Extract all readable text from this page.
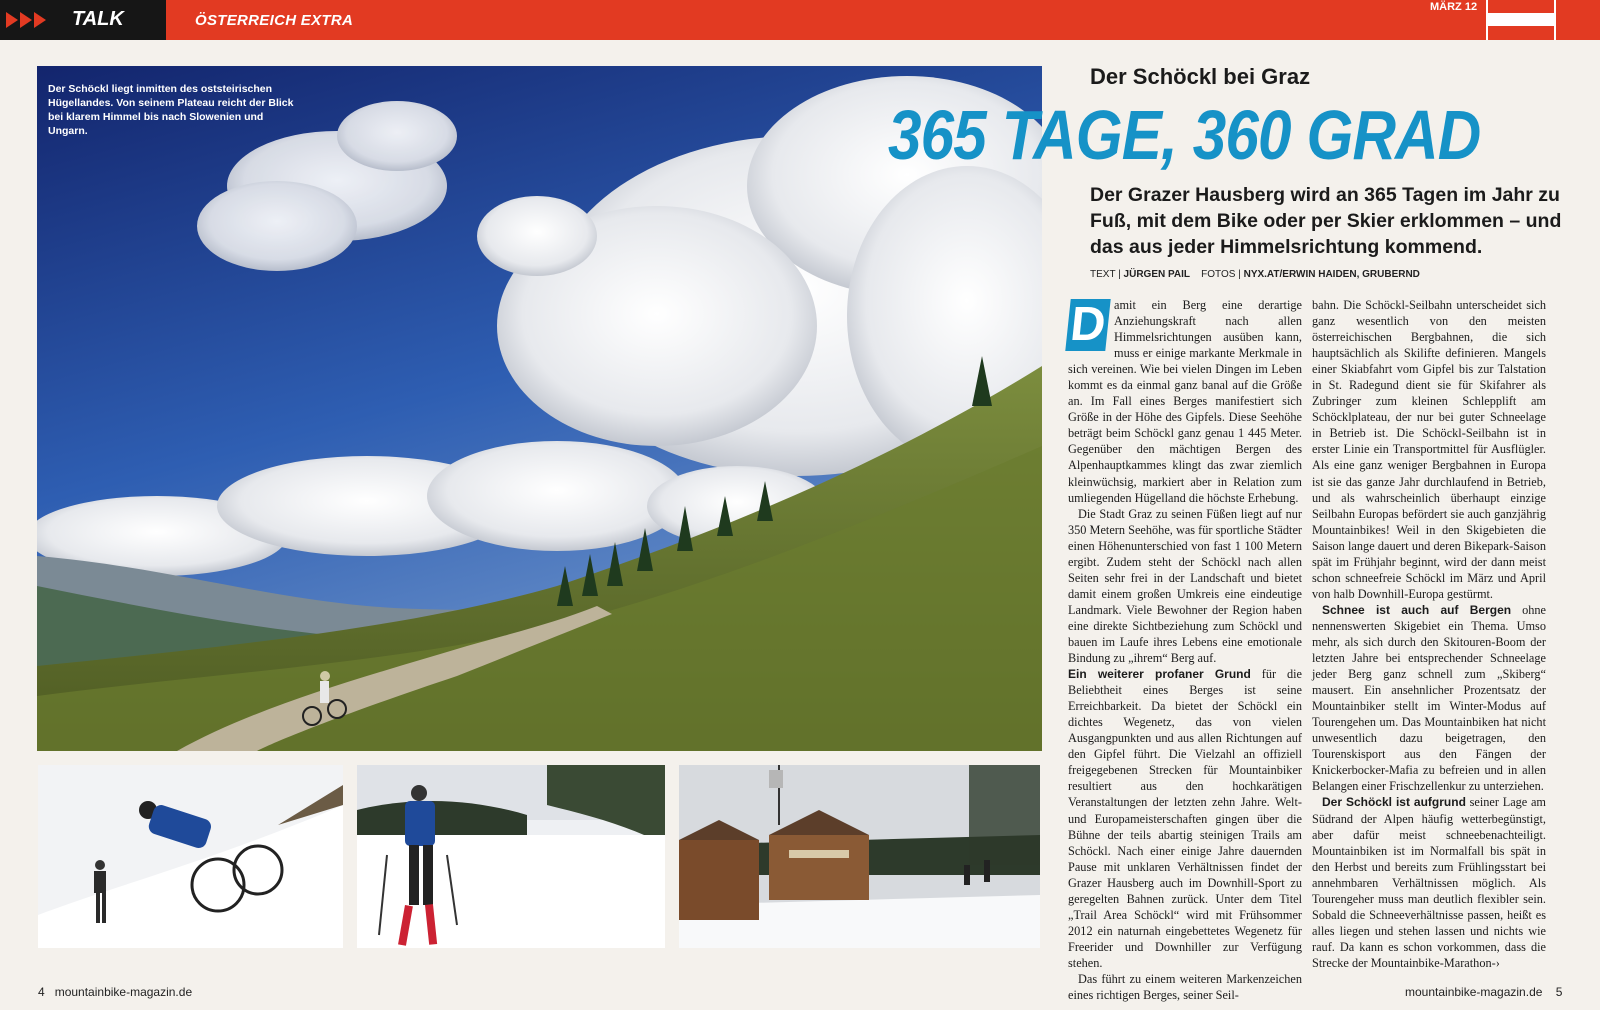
TALK	ÖSTERREICH EXTRA
MÄRZ 12
Der Schöckl liegt inmitten des oststeirischen Hügellandes. Von seinem Plateau reicht der Blick bei klarem Himmel bis nach Slowenien und Ungarn.
Der Schöckl bei Graz
365 TAGE, 360 GRAD
Der Grazer Hausberg wird an 365 Tagen im Jahr zu Fuß, mit dem Bike oder per Skier erklommen – und das aus jeder Himmelsrichtung kommend.
TEXT | JÜRGEN PAIL FOTOS | NYX.AT/ERWIN HAIDEN, GRUBERND

D amit ein Berg eine derartige Anziehungskraft nach allen Himmelsrichtungen ausüben kann, muss er einige markante Merkmale in sich vereinen. Wie bei vielen Dingen im Leben kommt es da einmal ganz banal auf die Größe an. Im Fall eines Berges manifestiert sich Größe in der Höhe des Gipfels. Diese Seehöhe beträgt beim Schöckl ganz genau 1 445 Meter. Gegenüber den mächtigen Bergen des Alpenhauptkammes klingt das zwar ziemlich kleinwüchsig, markiert aber in Relation zum umliegenden Hügelland die höchste Erhebung.

Die Stadt Graz zu seinen Füßen liegt auf nur 350 Metern Seehöhe, was für sportliche Städter einen Höhenunterschied von fast 1 100 Metern ergibt. Zudem steht der Schöckl nach allen Seiten sehr frei in der Landschaft und bietet damit einem großen Umkreis eine eindeutige Landmark. Viele Bewohner der Region haben eine direkte Sichtbeziehung zum Schöckl und bauen im Laufe ihres Lebens eine emotionale Bindung zu „ihrem“ Berg auf.

Ein weiterer profaner Grund für die Beliebtheit eines Berges ist seine Erreichbarkeit. Da bietet der Schöckl ein dichtes Wegenetz, das von vielen Ausgangpunkten und aus allen Richtungen auf den Gipfel führt. Die Vielzahl an offiziell freigegebenen Strecken für Mountainbiker resultiert aus den hochkarätigen Veranstaltungen der letzten zehn Jahre. Welt- und Europameisterschaften gingen über die Bühne der teils abartig steinigen Trails am Schöckl. Nach einer einige Jahre dauernden Pause mit unklaren Verhältnissen findet der Grazer Hausberg auch im Downhill-Sport zu geregelten Bahnen zurück. Unter dem Titel „Trail Area Schöckl“ wird mit Frühsommer 2012 ein naturnah eingebettetes Wegenetz für Freerider und Downhiller zur Verfügung stehen.

Das führt zu einem weiteren Markenzeichen eines richtigen Berges, seiner Seil-

bahn. Die Schöckl-Seilbahn unterscheidet sich ganz wesentlich von den meisten österreichischen Bergbahnen, die sich hauptsächlich als Skilifte definieren. Mangels einer Skiabfahrt vom Gipfel bis zur Talstation in St. Radegund dient sie für Skifahrer als Zubringer zum kleinen Schlepplift am Schöcklplateau, der nur bei guter Schneelage in Betrieb ist. Die Schöckl-Seilbahn ist in erster Linie ein Transportmittel für Ausflügler. Als eine ganz weniger Bergbahnen in Europa ist sie das ganze Jahr durchlaufend in Betrieb, und als wahrscheinlich überhaupt einzige Seilbahn Europas befördert sie auch ganzjährig Mountainbikes! Weil in den Skigebieten die Saison lange dauert und deren Bikepark-Saison spät im Frühjahr beginnt, wird der dann meist schon schneefreie Schöckl im März und April von halb Downhill-Europa gestürmt.

Schnee ist auch auf Bergen ohne nennenswerten Skigebiet ein Thema. Umso mehr, als sich durch den Skitouren-Boom der letzten Jahre bei entsprechender Schneelage jeder Berg ganz schnell zum „Skiberg“ mausert. Ein ansehnlicher Prozentsatz der Mountainbiker stellt im Winter-Modus auf Tourengehen um. Das Mountainbiken hat nicht unwesentlich dazu beigetragen, den Tourenskisport aus den Fängen der Knickerbocker-Mafia zu befreien und in allen Belangen einer Frischzellenkur zu unterziehen.

Der Schöckl ist aufgrund seiner Lage am Südrand der Alpen häufig wetterbegünstigt, aber dafür meist schneebenachteiligt. Mountainbiken ist im Normalfall bis spät in den Herbst und bereits zum Frühlingsstart bei annehmbaren Verhältnissen möglich. Als Tourengeher muss man deutlich flexibler sein. Sobald die Schneeverhältnisse passen, heißt es alles liegen und stehen lassen und nichts wie rauf. Da kann es schon vorkommen, dass die Strecke der Mountainbike-Marathon-›

4 mountainbike-magazin.de	mountainbike-magazin.de 5
